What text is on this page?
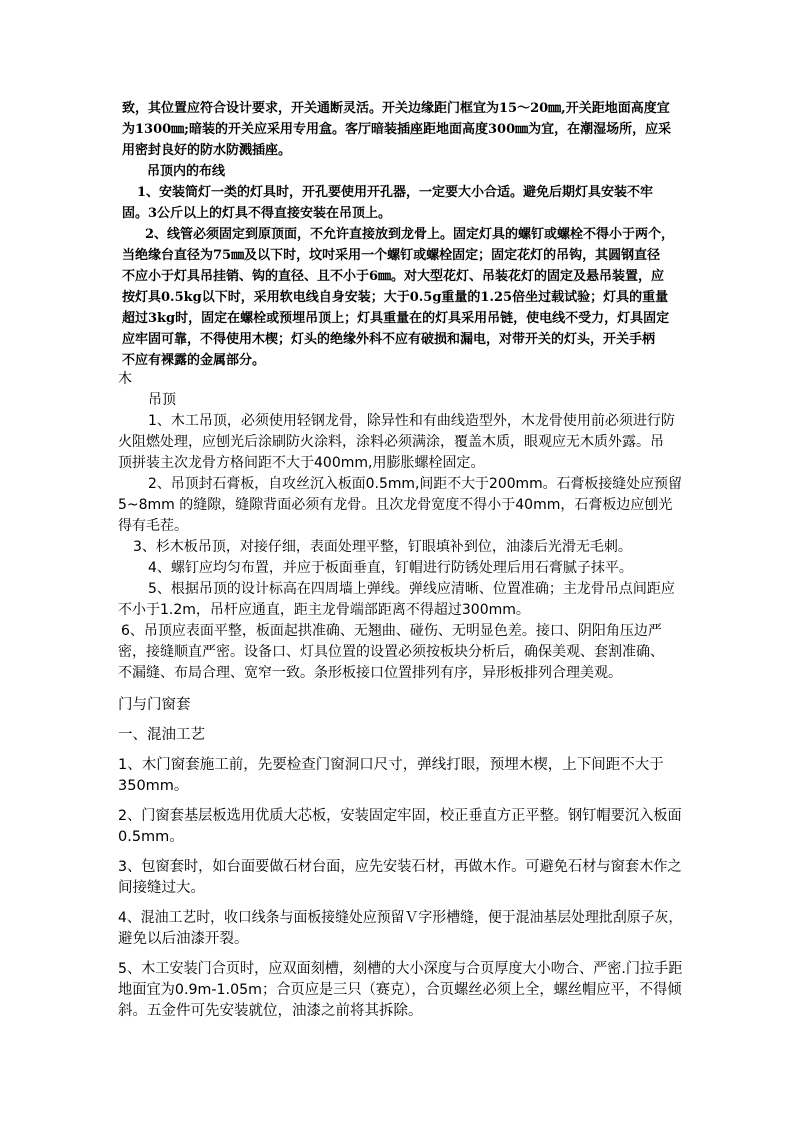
致，其位置应符合设计要求，开关通断灵活。开关边缘距门框宜为15～20㎜,开关距地面高度宜
为1300㎜;暗装的开关应采用专用盒。客厅暗装插座距地面高度300㎜为宜，在潮湿场所，应采
用密封良好的防水防溅插座。
吊顶内的布线
1、安装筒灯一类的灯具时，开孔要使用开孔器，一定要大小合适。避免后期灯具安装不牢
固。3公斤以上的灯具不得直接安装在吊顶上。
2、线管必须固定到原顶面，不允许直接放到龙骨上。固定灯具的螺钉或螺栓不得小于两个，
当绝缘台直径为75㎜及以下时，坟吋采用一个螺钉或螺栓固定；固定花灯的吊钩，其圆钢直径
不应小于灯具吊挂销、钩的直径、且不小于6㎜。对大型花灯、吊装花灯的固定及悬吊装置，应
按灯具0.5kg以下时，采用软电线自身安装；大于0.5g重量的1.25倍坐过载试验；灯具的重量
超过3kg时，固定在螺栓或预埋吊顶上；灯具重量在的灯具采用吊链，使电线不受力，灯具固定
应牢固可靠，不得使用木楔；灯头的绝缘外科不应有破损和漏电，对带开关的灯头，开关手柄
不应有裸露的金属部分。
木
吊顶
1、木工吊顶，必须使用轻钢龙骨，除异性和有曲线造型外，木龙骨使用前必须进行防
火阻燃处理，应刨光后涂刷防火涂料，涂料必须满涂，覆盖木质，眼观应无木质外露。吊
顶拼装主次龙骨方格间距不大于400mm,用膨胀螺栓固定。
2、吊顶封石膏板，自攻丝沉入板面0.5mm,间距不大于200mm。石膏板接缝处应预留
5~8mm 的缝隙，缝隙背面必须有龙骨。且次龙骨宽度不得小于40mm，石膏板边应刨光
得有毛茬。
3、杉木板吊顶，对接仔细，表面处理平整，钉眼填补到位，油漆后光滑无毛刺。
4、螺钉应均匀布置，并应于板面垂直，钉帽进行防锈处理后用石膏腻子抹平。
5、根据吊顶的设计标高在四周墙上弹线。弹线应清晰、位置准确；主龙骨吊点间距应
不小于1.2m，吊杆应通直，距主龙骨端部距离不得超过300mm。
6、吊顶应表面平整，板面起拱准确、无翘曲、碰伤、无明显色差。接口、阴阳角压边严
密，接缝顺直严密。设备口、灯具位置的设置必须按板块分析后，确保美观、套割准确、
不漏缝、布局合理、宽窄一致。条形板接口位置排列有序，异形板排列合理美观。
门与门窗套
一、混油工艺
1、木门窗套施工前，先要检查门窗洞口尺寸，弹线打眼，预埋木楔，上下间距不大于
350mm。
2、门窗套基层板选用优质大芯板，安装固定牢固，校正垂直方正平整。钢钉帽要沉入板面
0.5mm。
3、包窗套时，如台面要做石材台面，应先安装石材，再做木作。可避免石材与窗套木作之
间接缝过大。
4、混油工艺时，收口线条与面板接缝处应预留Ｖ字形槽缝，便于混油基层处理批刮原子灰，
避免以后油漆开裂。
5、木工安装门合页时，应双面刻槽，刻槽的大小深度与合页厚度大小吻合、严密.门拉手距
地面宜为0.9m-1.05m；合页应是三只（赛克），合页螺丝必须上全，螺丝帽应平，不得倾
斜。五金件可先安装就位，油漆之前将其拆除。
